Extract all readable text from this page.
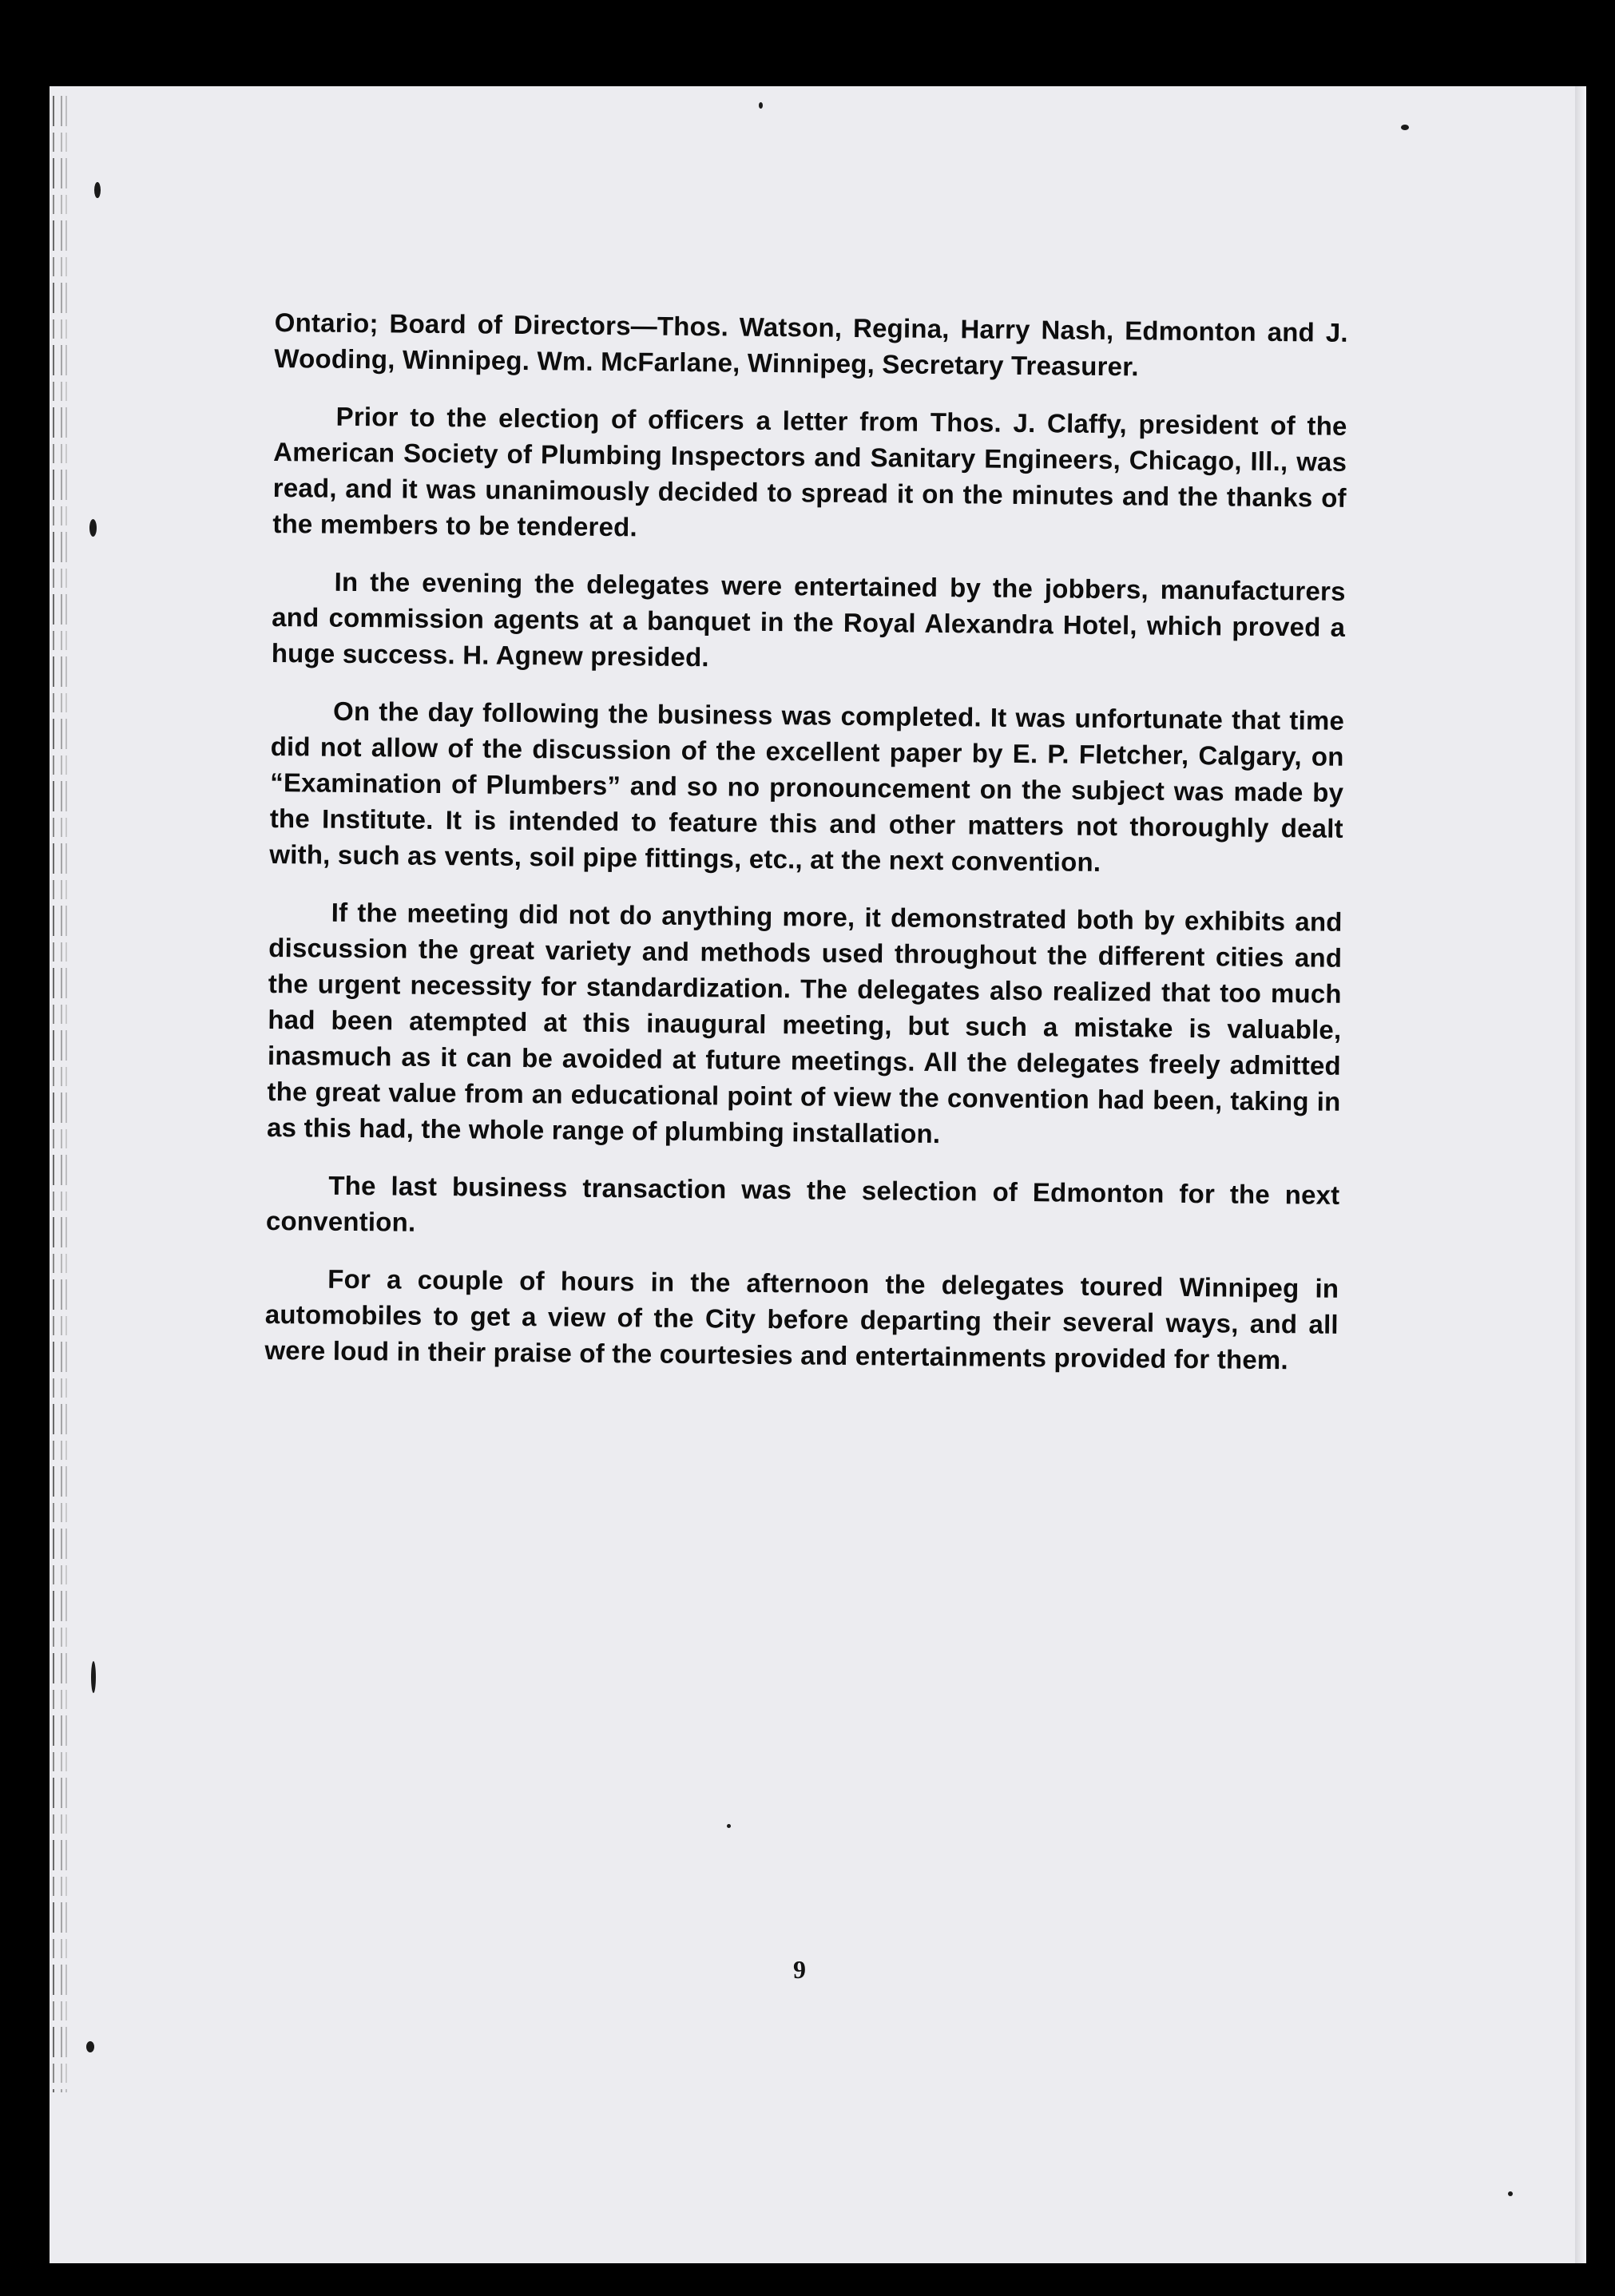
Ontario; Board of Directors—Thos. Watson, Regina, Harry Nash, Edmonton and J. Wooding, Winnipeg. Wm. McFarlane, Winnipeg, Secretary Treasurer.

Prior to the electioŋ of officers a letter from Thos. J. Claffy, president of the American Society of Plumbing Inspectors and Sanitary Engineers, Chicago, Ill., was read, and it was unanimously decided to spread it on the minutes and the thanks of the members to be tendered.

In the evening the delegates were entertained by the jobbers, manufacturers and commission agents at a banquet in the Royal Alexandra Hotel, which proved a huge success. H. Agnew presided.

On the day following the business was completed. It was unfortunate that time did not allow of the discussion of the excellent paper by E. P. Fletcher, Calgary, on “Examination of Plumbers” and so no pronouncement on the subject was made by the Institute. It is intended to feature this and other matters not thoroughly dealt with, such as vents, soil pipe fittings, etc., at the next convention.

If the meeting did not do anything more, it demonstrated both by exhibits and discussion the great variety and methods used throughout the different cities and the urgent necessity for standardization. The delegates also realized that too much had been atempted at this inaugural meeting, but such a mistake is valuable, inasmuch as it can be avoided at future meetings. All the delegates freely admitted the great value from an educational point of view the convention had been, taking in as this had, the whole range of plumbing installation.

The last business transaction was the selection of Edmonton for the next convention.

For a couple of hours in the afternoon the delegates toured Winnipeg in automobiles to get a view of the City before departing their several ways, and all were loud in their praise of the courtesies and entertainments provided for them.

9
